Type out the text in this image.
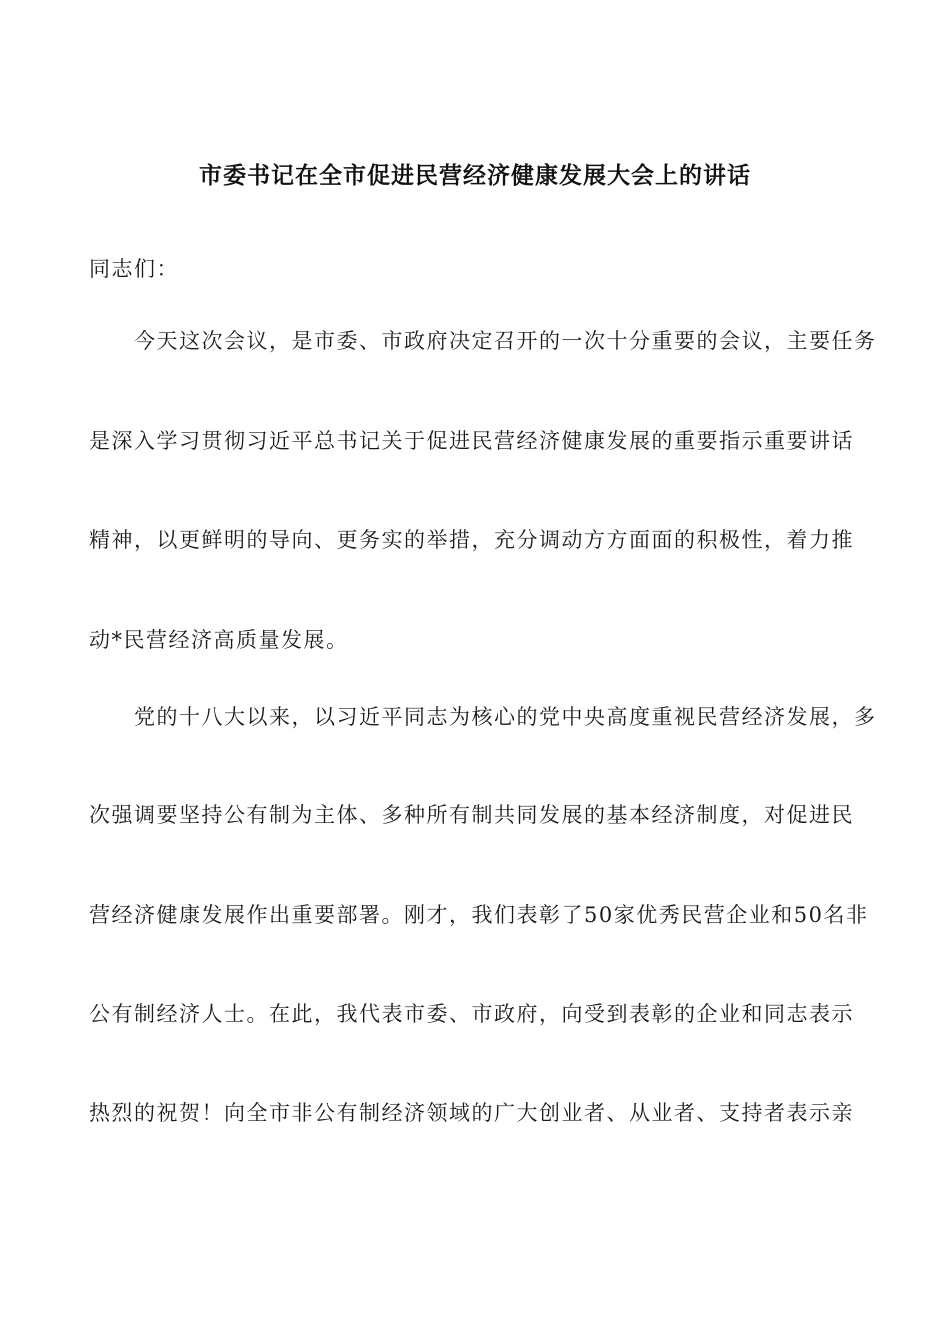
市委书记在全市促进民营经济健康发展大会上的讲话

同志们：

　　今天这次会议，是市委、市政府决定召开的一次十分重要的会议，主要任务

是深入学习贯彻习近平总书记关于促进民营经济健康发展的重要指示重要讲话

精神，以更鲜明的导向、更务实的举措，充分调动方方面面的积极性，着力推

动*民营经济高质量发展。

　　党的十八大以来，以习近平同志为核心的党中央高度重视民营经济发展，多

次强调要坚持公有制为主体、多种所有制共同发展的基本经济制度，对促进民

营经济健康发展作出重要部署。刚才，我们表彰了50家优秀民营企业和50名非

公有制经济人士。在此，我代表市委、市政府，向受到表彰的企业和同志表示

热烈的祝贺！向全市非公有制经济领域的广大创业者、从业者、支持者表示亲
